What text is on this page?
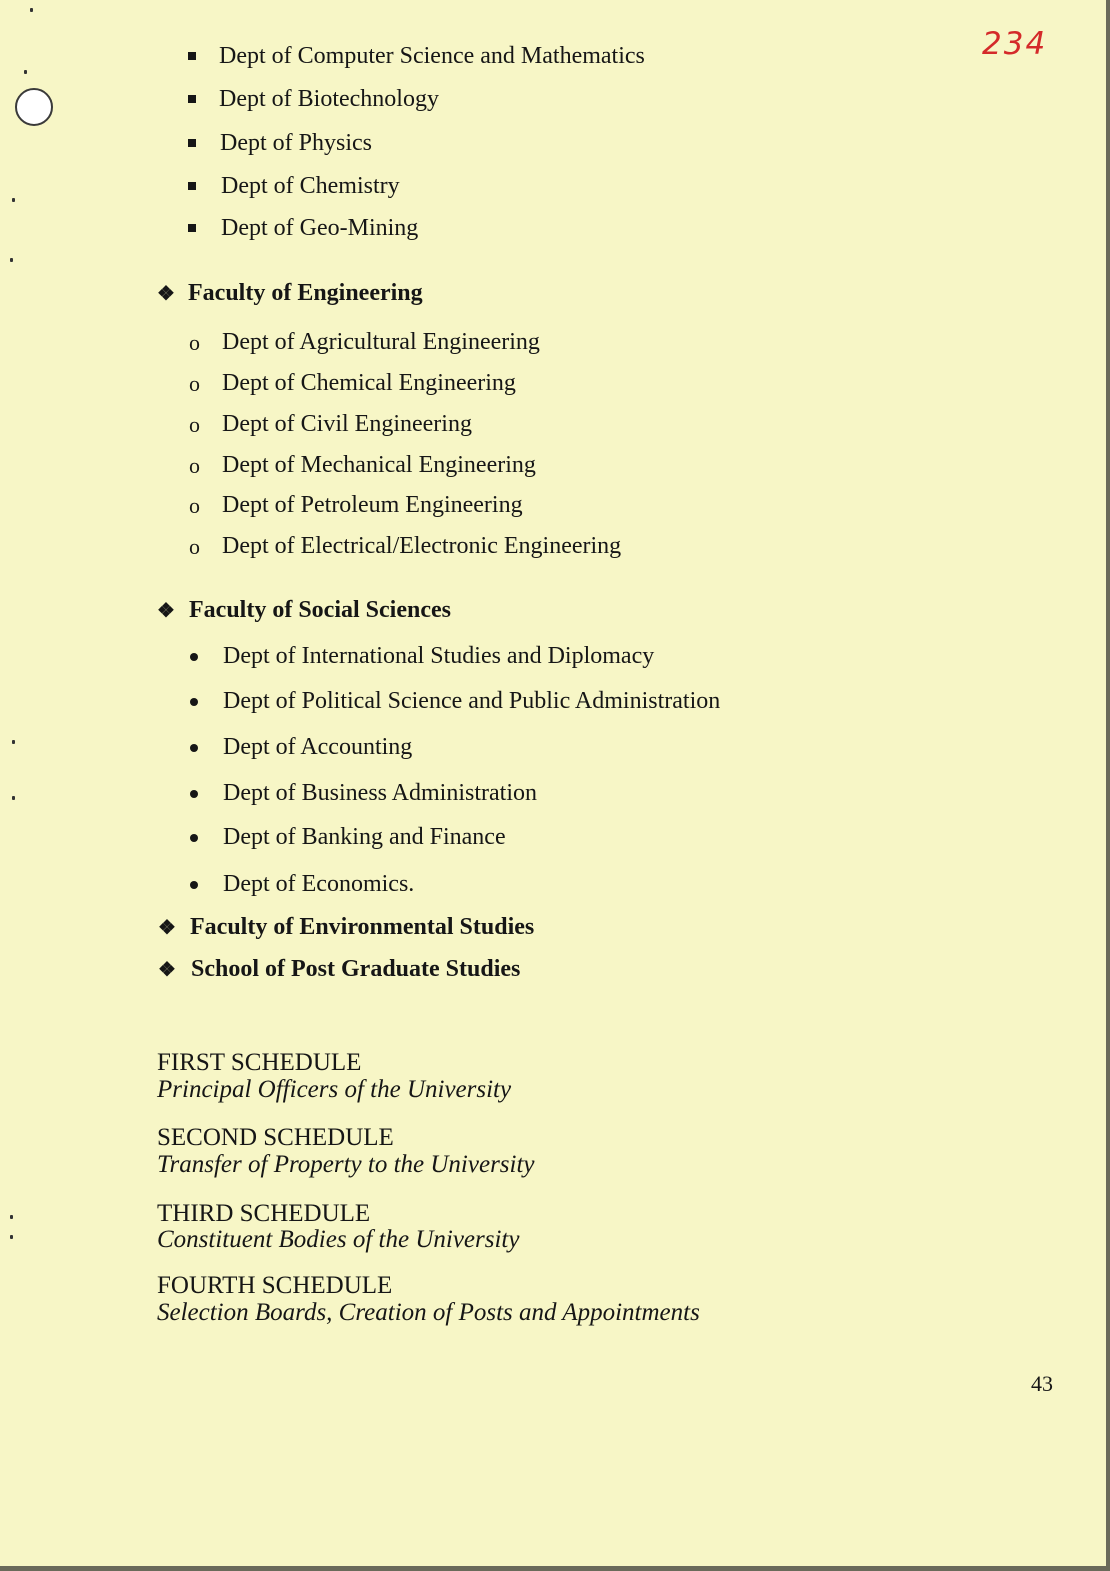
234
Dept of Computer Science and Mathematics
Dept of Biotechnology
Dept of Physics
Dept of Chemistry
Dept of Geo-Mining
❖ Faculty of Engineering
o Dept of Agricultural Engineering
o Dept of Chemical Engineering
o Dept of Civil Engineering
o Dept of Mechanical Engineering
o Dept of Petroleum Engineering
o Dept of Electrical/Electronic Engineering
❖ Faculty of Social Sciences
Dept of International Studies and Diplomacy
Dept of Political Science and Public Administration
Dept of Accounting
Dept of Business Administration
Dept of Banking and Finance
Dept of Economics.
❖ Faculty of Environmental Studies
❖ School of Post Graduate Studies
FIRST SCHEDULE
Principal Officers of the University
SECOND SCHEDULE
Transfer of Property to the University
THIRD SCHEDULE
Constituent Bodies of the University
FOURTH SCHEDULE
Selection Boards, Creation of Posts and Appointments
43
